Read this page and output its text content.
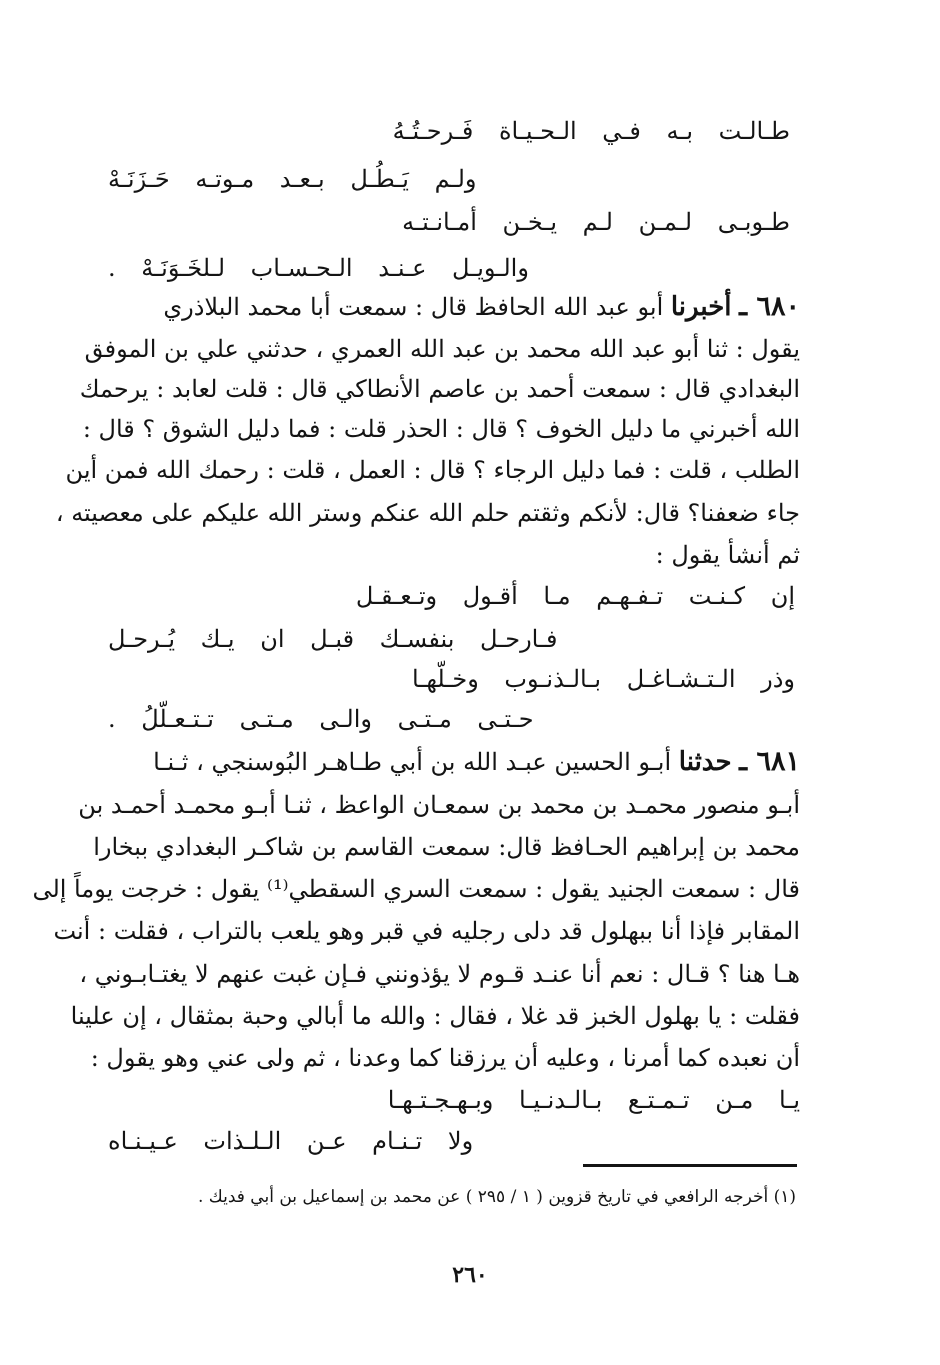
طـالـت بـه فـي الـحـيـاة فَـرحـتُـهُ
ولـم يَـطُـل بـعـد مـوتـه حَـزَنَـهْ
طـوبـى لـمـن لـم يـخـن أمـانـتـه
والـويـل عـنـد الـحـسـاب لـلخَـوَنَـهْ .
٦٨٠ ـ أخبرنا أبو عبد الله الحافظ قال : سمعت أبا محمد البلاذري
يقول : ثنا أبو عبد الله محمد بن عبد الله العمري ، حدثني علي بن الموفق
البغدادي قال : سمعت أحمد بن عاصم الأنطاكي قال : قلت لعابد : يرحمك
الله أخبرني ما دليل الخوف ؟ قال : الحذر قلت : فما دليل الشوق ؟ قال :
الطلب ، قلت : فما دليل الرجاء ؟ قال : العمل ، قلت : رحمك الله فمن أين
جاء ضعفنا؟ قال: لأنكم وثقتم حلم الله عنكم وستر الله عليكم على معصيته ،
ثم أنشأ يقول :
إن كـنـت تـفـهـم مـا أقـول وتـعـقـل
فـارحـل بنفسـك قبـل ان يـك يُـرحـل
وذر الـتـشـاغـل بـالـذنـوب وخـلّهـا
حـتـى مـتـى والـى مـتـى تـتـعـلّلُ .
٦٨١ ـ حدثنا أبـو الحسين عبـد الله بن أبي طـاهـر البُوسنجي ، ثـنـا
أبـو منصور محمـد بن محمد بن سمعـان الواعظ ، ثنـا أبـو محمـد أحمـد بن
محمد بن إبراهيم الحـافظ قال: سمعت القاسم بن شاكـر البغدادي ببخارا
قال : سمعت الجنيد يقول : سمعت السري السقطي⁽¹⁾ يقول : خرجت يوماً إلى
المقابر فإذا أنا ببهلول قد دلى رجليه في قبر وهو يلعب بالتراب ، فقلت : أنت
هـا هنا ؟ قـال : نعم أنا عنـد قـوم لا يؤذونني فـإن غبت عنهم لا يغتـابـوني ،
فقلت : يا بهلول الخبز قد غلا ، فقال : والله ما أبالي وحبة بمثقال ، إن علينا
أن نعبده كما أمرنا ، وعليه أن يرزقنا كما وعدنا ، ثم ولى عني وهو يقول :
يـا مـن تـمـتـع بـالـدنـيـا وبـهـجـتـهـا
ولا تـنـام عـن الـلـذات عـيـنـاه
(١) أخرجه الرافعي في تاريخ قزوين ( ١ / ٢٩٥ ) عن محمد بن إسماعيل بن أبي فديك .
٢٦٠
